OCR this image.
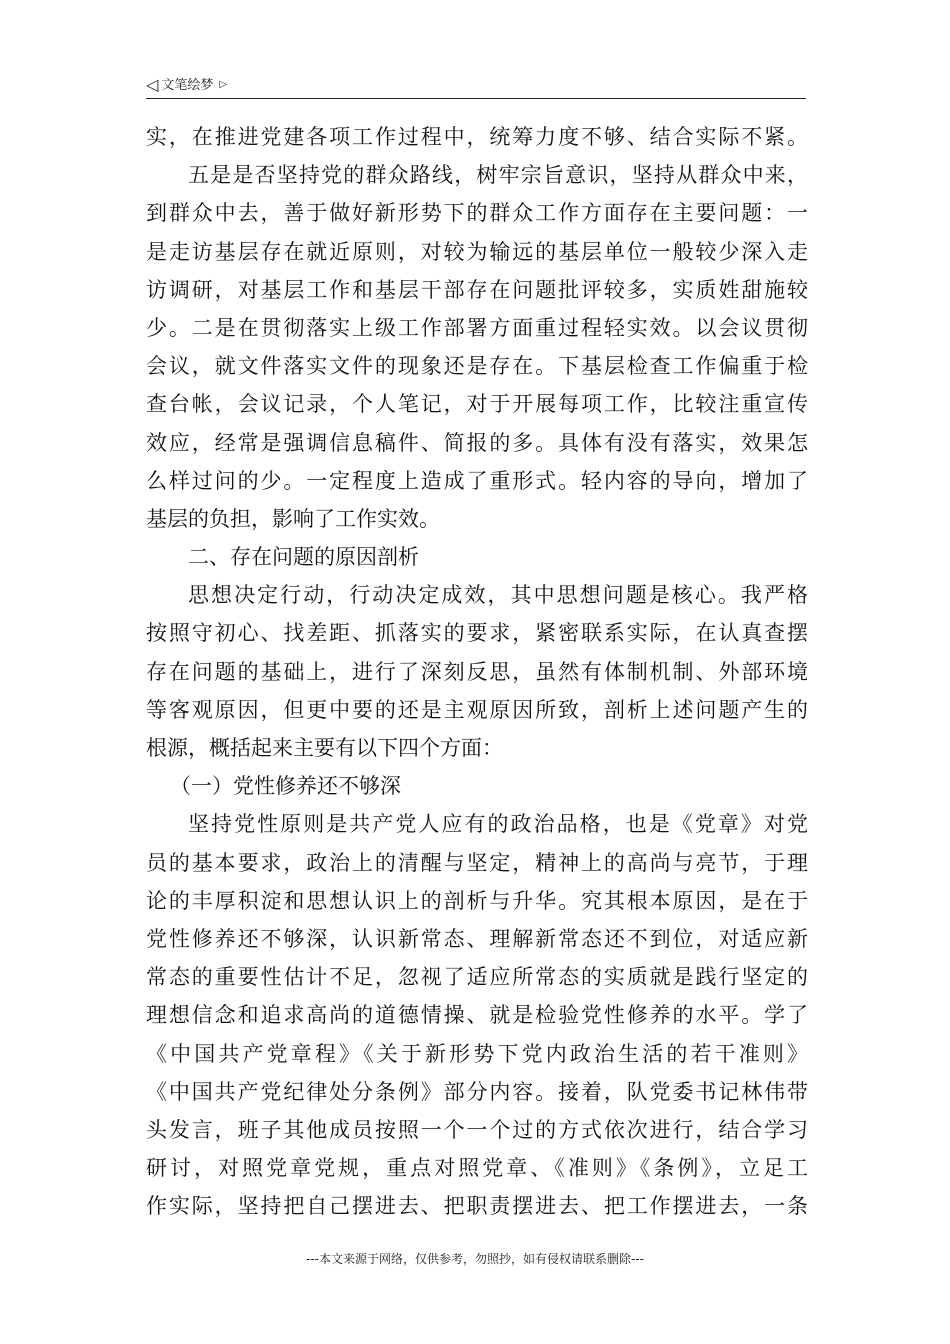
◁ 文笔绘梦 ▷
实，在推进党建各项工作过程中，统筹力度不够、结合实际不紧。
五是是否坚持党的群众路线，树牢宗旨意识，坚持从群众中来，
到群众中去，善于做好新形势下的群众工作方面存在主要问题：一
是走访基层存在就近原则，对较为输远的基层单位一般较少深入走
访调研，对基层工作和基层干部存在问题批评较多，实质姓甜施较
少。二是在贯彻落实上级工作部署方面重过程轻实效。以会议贯彻
会议，就文件落实文件的现象还是存在。下基层检查工作偏重于检
查台帐，会议记录，个人笔记，对于开展每项工作，比较注重宣传
效应，经常是强调信息稿件、简报的多。具体有没有落实，效果怎
么样过问的少。一定程度上造成了重形式。轻内容的导向，增加了
基层的负担，影响了工作实效。
二、存在问题的原因剖析
思想决定行动，行动决定成效，其中思想问题是核心。我严格
按照守初心、找差距、抓落实的要求，紧密联系实际，在认真查摆
存在问题的基础上，进行了深刻反思，虽然有体制机制、外部环境
等客观原因，但更中要的还是主观原因所致，剖析上述问题产生的
根源，概括起来主要有以下四个方面：
（一）党性修养还不够深
坚持党性原则是共产党人应有的政治品格，也是《党章》对党
员的基本要求，政治上的清醒与坚定，精神上的高尚与亮节，于理
论的丰厚积淀和思想认识上的剖析与升华。究其根本原因，是在于
党性修养还不够深，认识新常态、理解新常态还不到位，对适应新
常态的重要性估计不足，忽视了适应所常态的实质就是践行坚定的
理想信念和追求高尚的道德情操、就是检验党性修养的水平。学了
《中国共产党章程》《关于新形势下党内政治生活的若干准则》
《中国共产党纪律处分条例》部分内容。接着，队党委书记林伟带
头发言，班子其他成员按照一个一个过的方式依次进行，结合学习
研讨，对照党章党规，重点对照党章、《准则》《条例》，立足工
作实际，坚持把自己摆进去、把职责摆进去、把工作摆进去，一条
---本文来源于网络，仅供参考，勿照抄，如有侵权请联系删除---
